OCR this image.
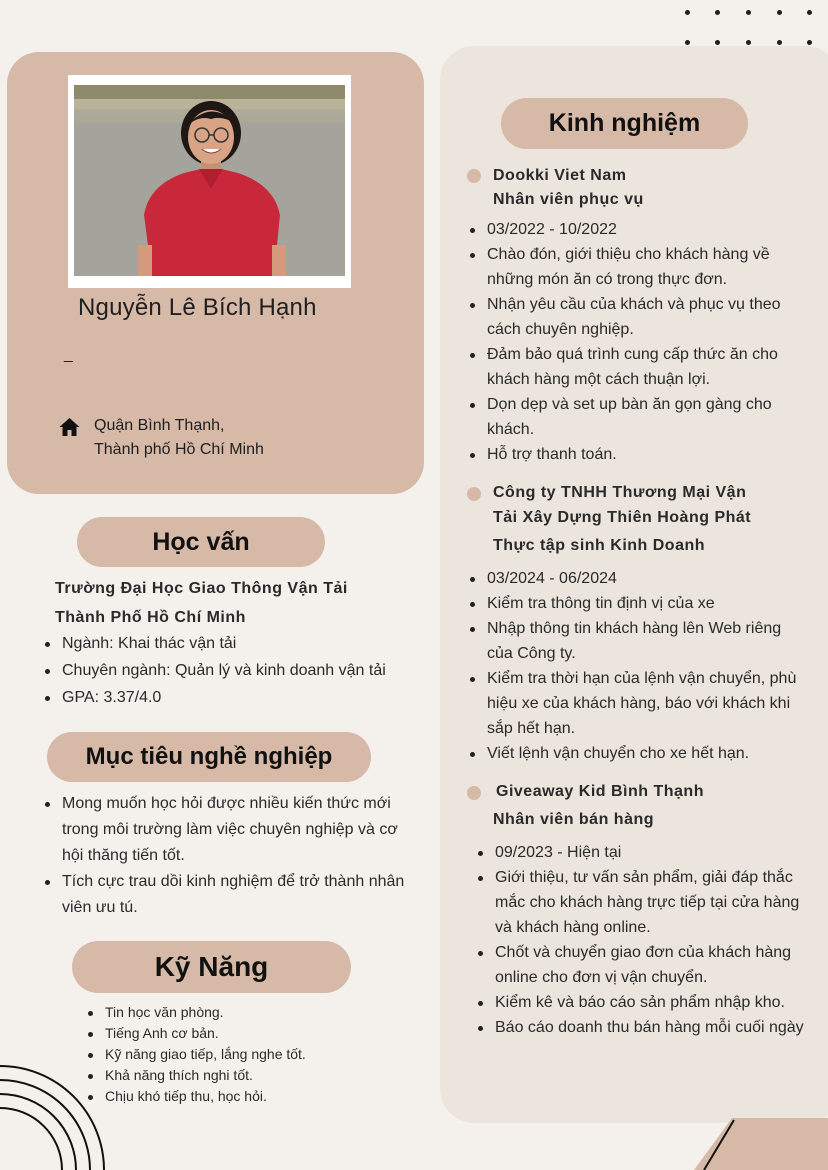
Nguyễn Lê Bích Hạnh
_
Quận Bình Thạnh,
Thành phố Hồ Chí Minh
Học vấn
Trường Đại Học Giao Thông Vận Tải
Thành Phố Hồ Chí Minh
Ngành: Khai thác vận tải
Chuyên ngành: Quản lý và kinh doanh vận tải
GPA: 3.37/4.0
Mục tiêu nghề nghiệp
Mong muốn học hỏi được nhiều kiến thức mới trong môi trường làm việc chuyên nghiệp và cơ hội thăng tiến tốt.
Tích cực trau dồi kinh nghiệm để trở thành nhân viên ưu tú.
Kỹ Năng
Tin học văn phòng.
Tiếng Anh cơ bản.
Kỹ năng giao tiếp, lắng nghe tốt.
Khả năng thích nghi tốt.
Chịu khó tiếp thu, học hỏi.
Kinh nghiệm
Dookki Viet Nam
Nhân viên phục vụ
03/2022 - 10/2022
Chào đón, giới thiệu cho khách hàng về những món ăn có trong thực đơn.
Nhận yêu cầu của khách và phục vụ theo cách chuyên nghiệp.
Đảm bảo quá trình cung cấp thức ăn cho khách hàng một cách thuận lợi.
Dọn dẹp và set up bàn ăn gọn gàng cho khách.
Hỗ trợ thanh toán.
Công ty TNHH Thương Mại Vận
Tải Xây Dựng Thiên Hoàng Phát
Thực tập sinh Kinh Doanh
03/2024 - 06/2024
Kiểm tra thông tin định vị của xe
Nhập thông tin khách hàng lên Web riêng của Công ty.
Kiểm tra thời hạn của lệnh vận chuyển, phù hiệu xe của khách hàng, báo với khách khi sắp hết hạn.
Viết lệnh vận chuyển cho xe hết hạn.
Giveaway Kid Bình Thạnh
Nhân viên bán hàng
09/2023 - Hiện tại
Giới thiệu, tư vấn sản phẩm, giải đáp thắc mắc cho khách hàng trực tiếp tại cửa hàng và khách hàng online.
Chốt và chuyển giao đơn của khách hàng online cho đơn vị vận chuyển.
Kiểm kê và báo cáo sản phẩm nhập kho.
Báo cáo doanh thu bán hàng mỗi cuối ngày
